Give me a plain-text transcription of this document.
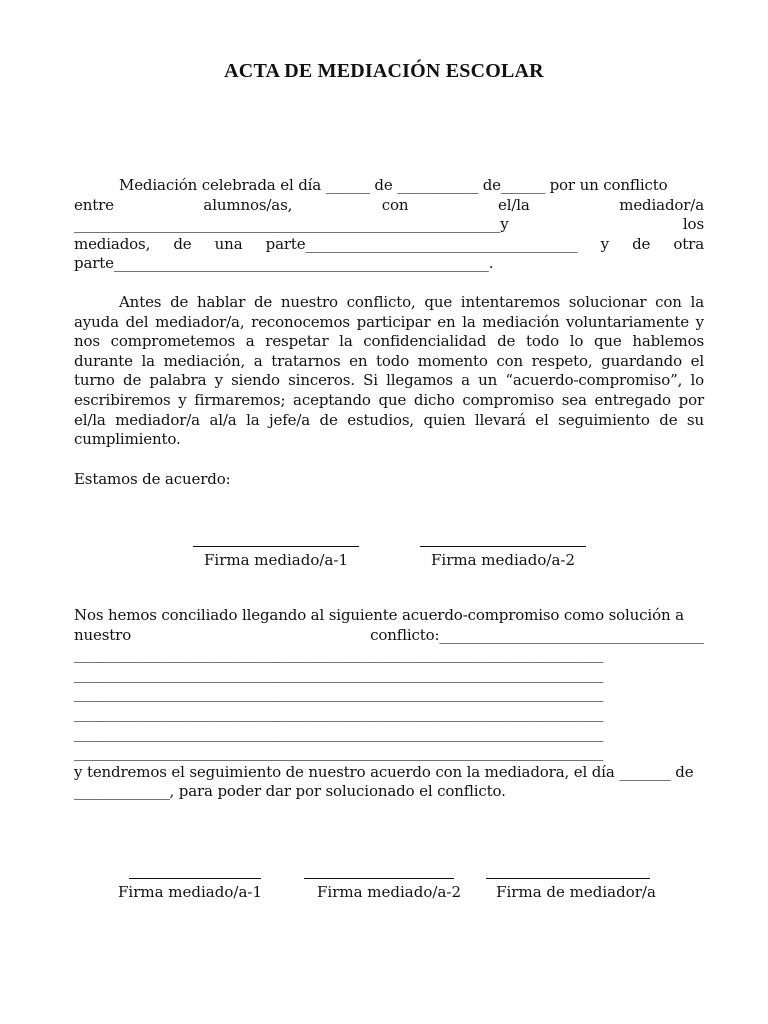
ACTA DE MEDIACIÓN ESCOLAR
Mediación celebrada el día ______ de ___________ de______ por un conflicto
entre alumnos/as, con el/la mediador/a
__________________________________________________________y los
mediados, de una parte_____________________________________ y de otra
parte___________________________________________________.
Antes de hablar de nuestro conflicto, que intentaremos solucionar con la ayuda del mediador/a, reconocemos participar en la mediación voluntariamente y nos comprometemos a respetar la confidencialidad de todo lo que hablemos durante la mediación, a tratarnos en todo momento con respeto, guardando el turno de palabra y siendo sinceros. Si llegamos a un “acuerdo-compromiso”, lo escribiremos y firmaremos; aceptando que dicho compromiso sea entregado por el/la mediador/a al/a la jefe/a de estudios, quien llevará el seguimiento de su cumplimiento.
Estamos de acuerdo:
Firma mediado/a-1	Firma mediado/a-2
Nos hemos conciliado llegando al siguiente acuerdo-compromiso como solución a
nuestro conflicto:____________________________________
________________________________________________________________________
________________________________________________________________________
________________________________________________________________________
________________________________________________________________________
________________________________________________________________________
________________________________________________________________________
y tendremos el seguimiento de nuestro acuerdo con la mediadora, el día _______ de
_____________, para poder dar por solucionado el conflicto.
Firma mediado/a-1	Firma mediado/a-2	Firma de mediador/a
